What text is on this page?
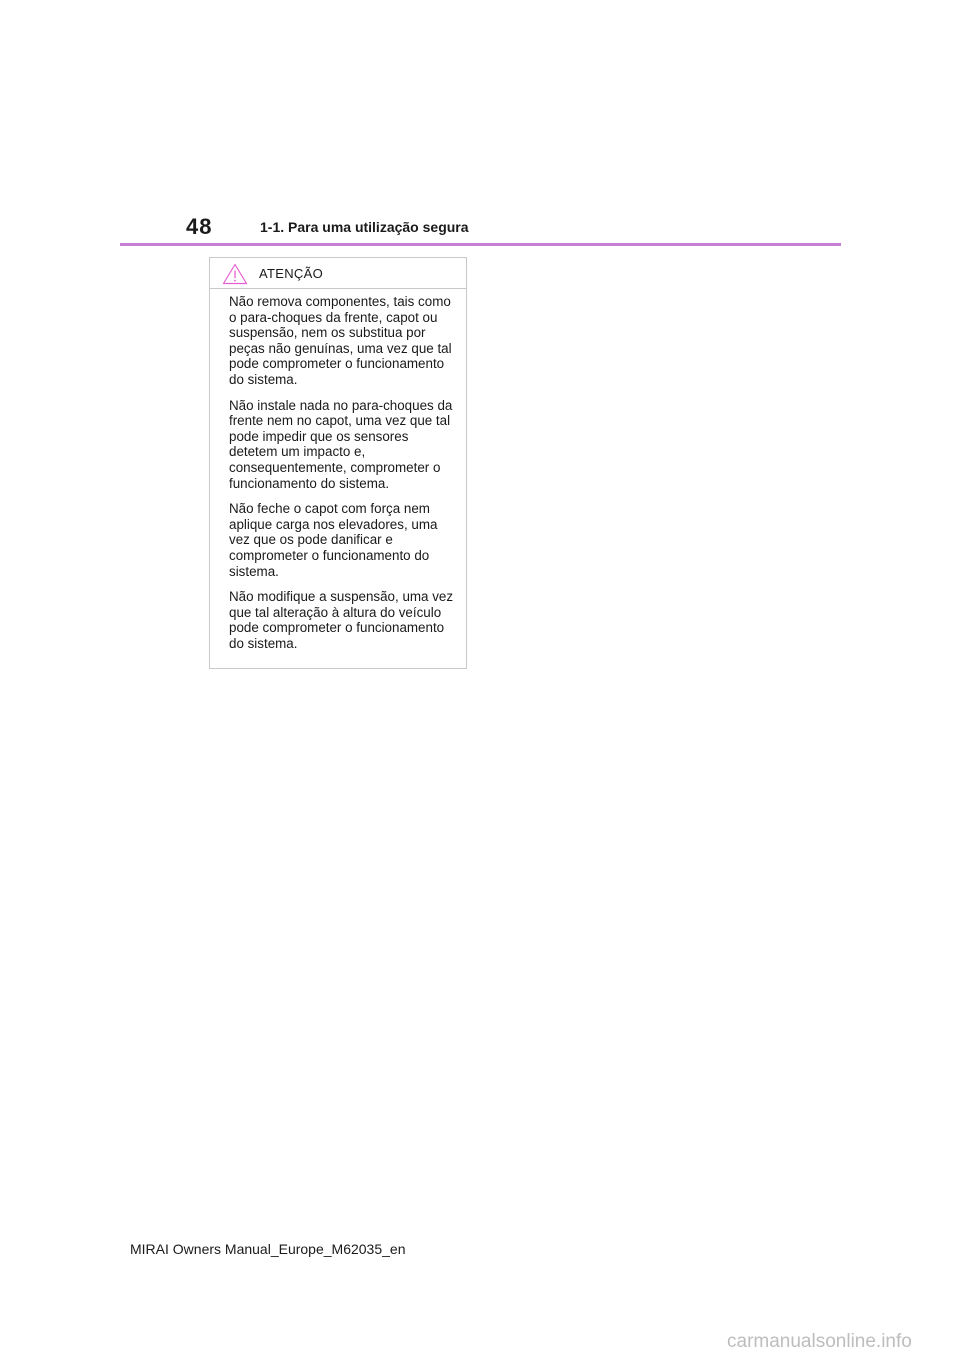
48	1-1. Para uma utilização segura
ATENÇÃO

Não remova componentes, tais como o para-choques da frente, capot ou suspensão, nem os substitua por peças não genuínas, uma vez que tal pode comprometer o funcionamento do sistema.

Não instale nada no para-choques da frente nem no capot, uma vez que tal pode impedir que os sensores detetem um impacto e, consequentemente, comprometer o funcionamento do sistema.

Não feche o capot com força nem aplique carga nos elevadores, uma vez que os pode danificar e comprometer o funcionamento do sistema.

Não modifique a suspensão, uma vez que tal alteração à altura do veículo pode comprometer o funcionamento do sistema.

MIRAI Owners Manual_Europe_M62035_en
carmanualsonline.info
